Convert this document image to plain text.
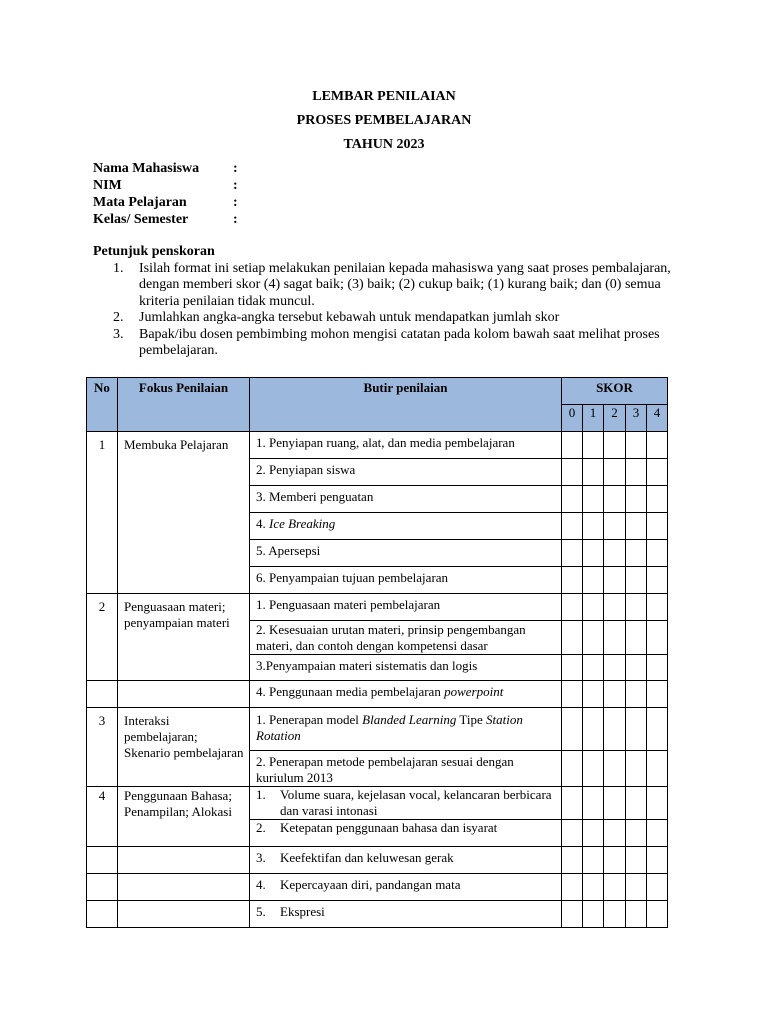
LEMBAR PENILAIAN
PROSES PEMBELAJARAN
TAHUN 2023
Nama Mahasiswa	:
NIM	:
Mata Pelajaran	:
Kelas/ Semester	:
Petunjuk penskoran
1.	Isilah format ini setiap melakukan penilaian kepada mahasiswa yang saat proses pembalajaran, dengan memberi skor (4) sagat baik; (3) baik; (2) cukup baik; (1) kurang baik; dan (0) semua kriteria penilaian tidak muncul.
2.	Jumlahkan angka-angka tersebut kebawah untuk mendapatkan jumlah skor
3.	Bapak/ibu dosen pembimbing mohon mengisi catatan pada kolom bawah saat melihat proses pembelajaran.
No	Fokus Penilaian	Butir penilaian	SKOR				
			0	1	2	3	4
1	Membuka Pelajaran	1. Penyiapan ruang, alat, dan media pembelajaran					
		2. Penyiapan siswa					
		3. Memberi penguatan					
		4. Ice Breaking					
		5. Apersepsi					
		6. Penyampaian tujuan pembelajaran					
2	Penguasaan materi; penyampaian materi	1. Penguasaan materi pembelajaran					
		2. Kesesuaian urutan materi, prinsip pengembangan materi, dan contoh dengan kompetensi dasar					
		3.Penyampaian materi sistematis dan logis					
		4. Penggunaan media pembelajaran powerpoint					
3	Interaksi pembelajaran; Skenario pembelajaran	1. Penerapan model Blanded Learning Tipe Station Rotation					
		2. Penerapan metode pembelajaran sesuai dengan kuriulum 2013					
4	Penggunaan Bahasa; Penampilan; Alokasi	1. Volume suara, kejelasan vocal, kelancaran berbicara dan varasi intonasi					

		2. Ketepatan penggunaan bahasa dan isyarat					

		3. Keefektifan dan keluwesan gerak					

		4. Kepercayaan diri, pandangan mata					

		5. Ekspresi					
